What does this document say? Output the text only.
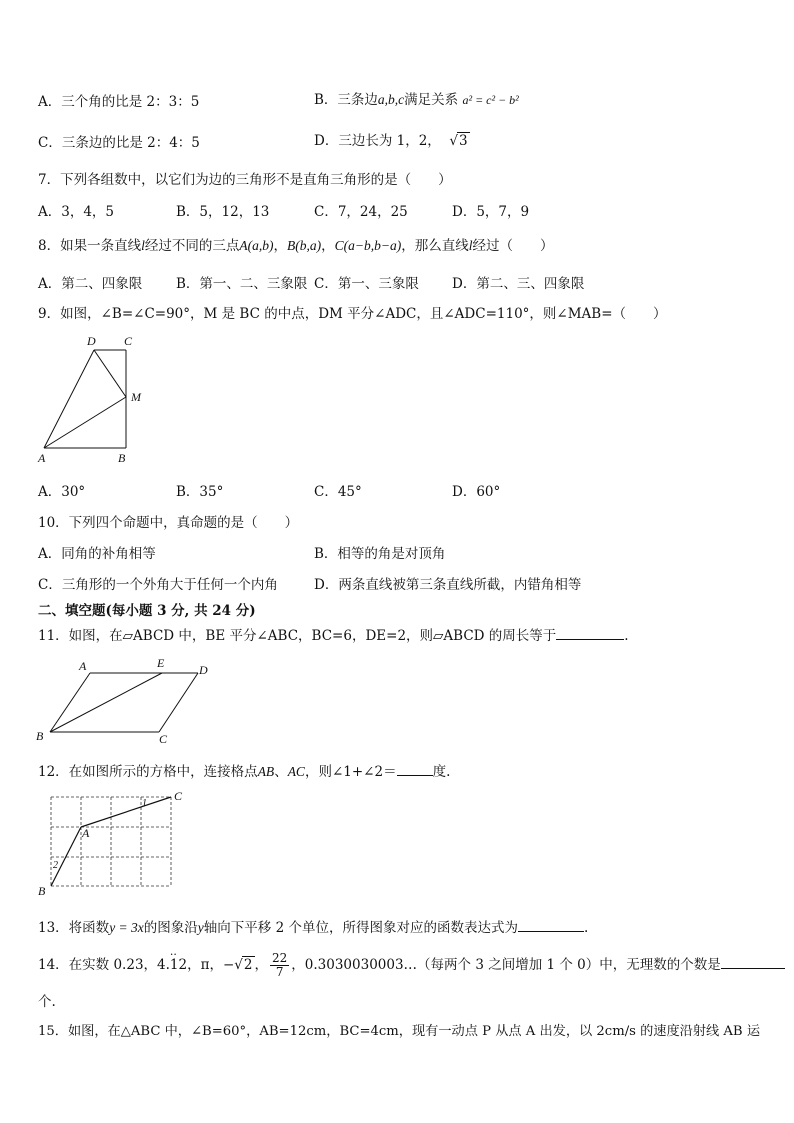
A．三个角的比是 2：3：5	B．三条边a,b,c满足关系 a² = c² − b²
C．三条边的比是 2：4：5	D．三边长为 1，2，  √3
7．下列各组数中，以它们为边的三角形不是直角三角形的是（　　）
A．3，4，5	B．5，12，13	C．7，24，25	D．5，7，9
8．如果一条直线l经过不同的三点A(a,b)，B(b,a)，C(a−b,b−a)，那么直线l经过（　　）
A．第二、四象限	B．第一、二、三象限 C．第一、三象限 D．第二、三、四象限
9．如图，∠B=∠C=90°，M 是 BC 的中点，DM 平分∠ADC，且∠ADC=110°，则∠MAB=（　　）
D C
M
A	B
A．30°	B．35°	C．45°	D．60°
10．下列四个命题中，真命题的是（　　）
A．同角的补角相等	B．相等的角是对顶角
C．三角形的一个外角大于任何一个内角	D．两条直线被第三条直线所截，内错角相等
二、填空题(每小题 3 分, 共 24 分)
11．如图，在▱ABCD 中，BE 平分∠ABC，BC=6，DE=2，则▱ABCD 的周长等于	.
A	E	D
B	C
12．在如图所示的方格中，连接格点AB、AC，则∠1+∠2＝	度.
C
A
B
1
2
13．将函数y = 3x的图象沿y轴向下平移 2 个单位，所得图象对应的函数表达式为	.
14．在实数 0.23，4.·· 12，π，−√2 ， $\frac{22}{7}$ ，0.3030030003…（每两个 3 之间增加 1 个 0）中，无理数的个数是
个.
15．如图，在△ABC 中，∠B=60°，AB=12cm，BC=4cm，现有一动点 P 从点 A 出发，以 2cm/s 的速度沿射线 AB 运
